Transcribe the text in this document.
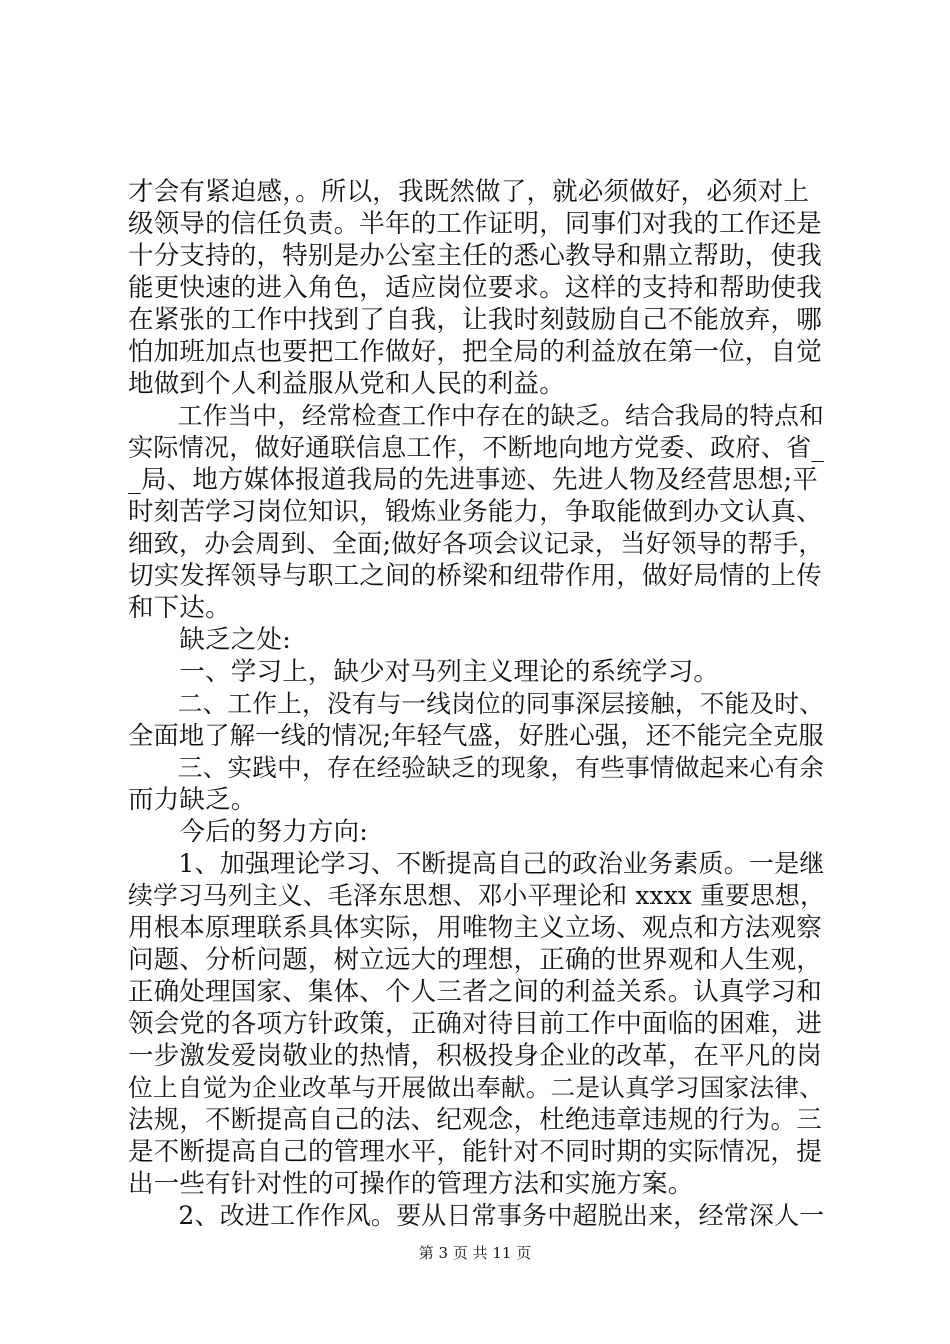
才会有紧迫感，。所以，我既然做了，就必须做好，必须对上
级领导的信任负责。半年的工作证明，同事们对我的工作还是
十分支持的，特别是办公室主任的悉心教导和鼎立帮助，使我
能更快速的进入角色，适应岗位要求。这样的支持和帮助使我
在紧张的工作中找到了自我，让我时刻鼓励自己不能放弃，哪
怕加班加点也要把工作做好，把全局的利益放在第一位，自觉
地做到个人利益服从党和人民的利益。
　　工作当中，经常检查工作中存在的缺乏。结合我局的特点和
实际情况，做好通联信息工作，不断地向地方党委、政府、省_
_局、地方媒体报道我局的先进事迹、先进人物及经营思想;平
时刻苦学习岗位知识，锻炼业务能力，争取能做到办文认真、
细致，办会周到、全面;做好各项会议记录，当好领导的帮手，
切实发挥领导与职工之间的桥梁和纽带作用，做好局情的上传
和下达。
　　缺乏之处:
　　一、学习上，缺少对马列主义理论的系统学习。
　　二、工作上，没有与一线岗位的同事深层接触，不能及时、
全面地了解一线的情况;年轻气盛，好胜心强，还不能完全克服
　　三、实践中，存在经验缺乏的现象，有些事情做起来心有余
而力缺乏。
　　今后的努力方向:
　　1、加强理论学习、不断提高自己的政治业务素质。一是继
续学习马列主义、毛泽东思想、邓小平理论和 xxxx 重要思想，
用根本原理联系具体实际，用唯物主义立场、观点和方法观察
问题、分析问题，树立远大的理想，正确的世界观和人生观，
正确处理国家、集体、个人三者之间的利益关系。认真学习和
领会党的各项方针政策，正确对待目前工作中面临的困难，进
一步激发爱岗敬业的热情，积极投身企业的改革，在平凡的岗
位上自觉为企业改革与开展做出奉献。二是认真学习国家法律、
法规，不断提高自己的法、纪观念，杜绝违章违规的行为。三
是不断提高自己的管理水平，能针对不同时期的实际情况，提
出一些有针对性的可操作的管理方法和实施方案。
　　2、改进工作作风。要从日常事务中超脱出来，经常深人一
第 3 页 共 11 页
